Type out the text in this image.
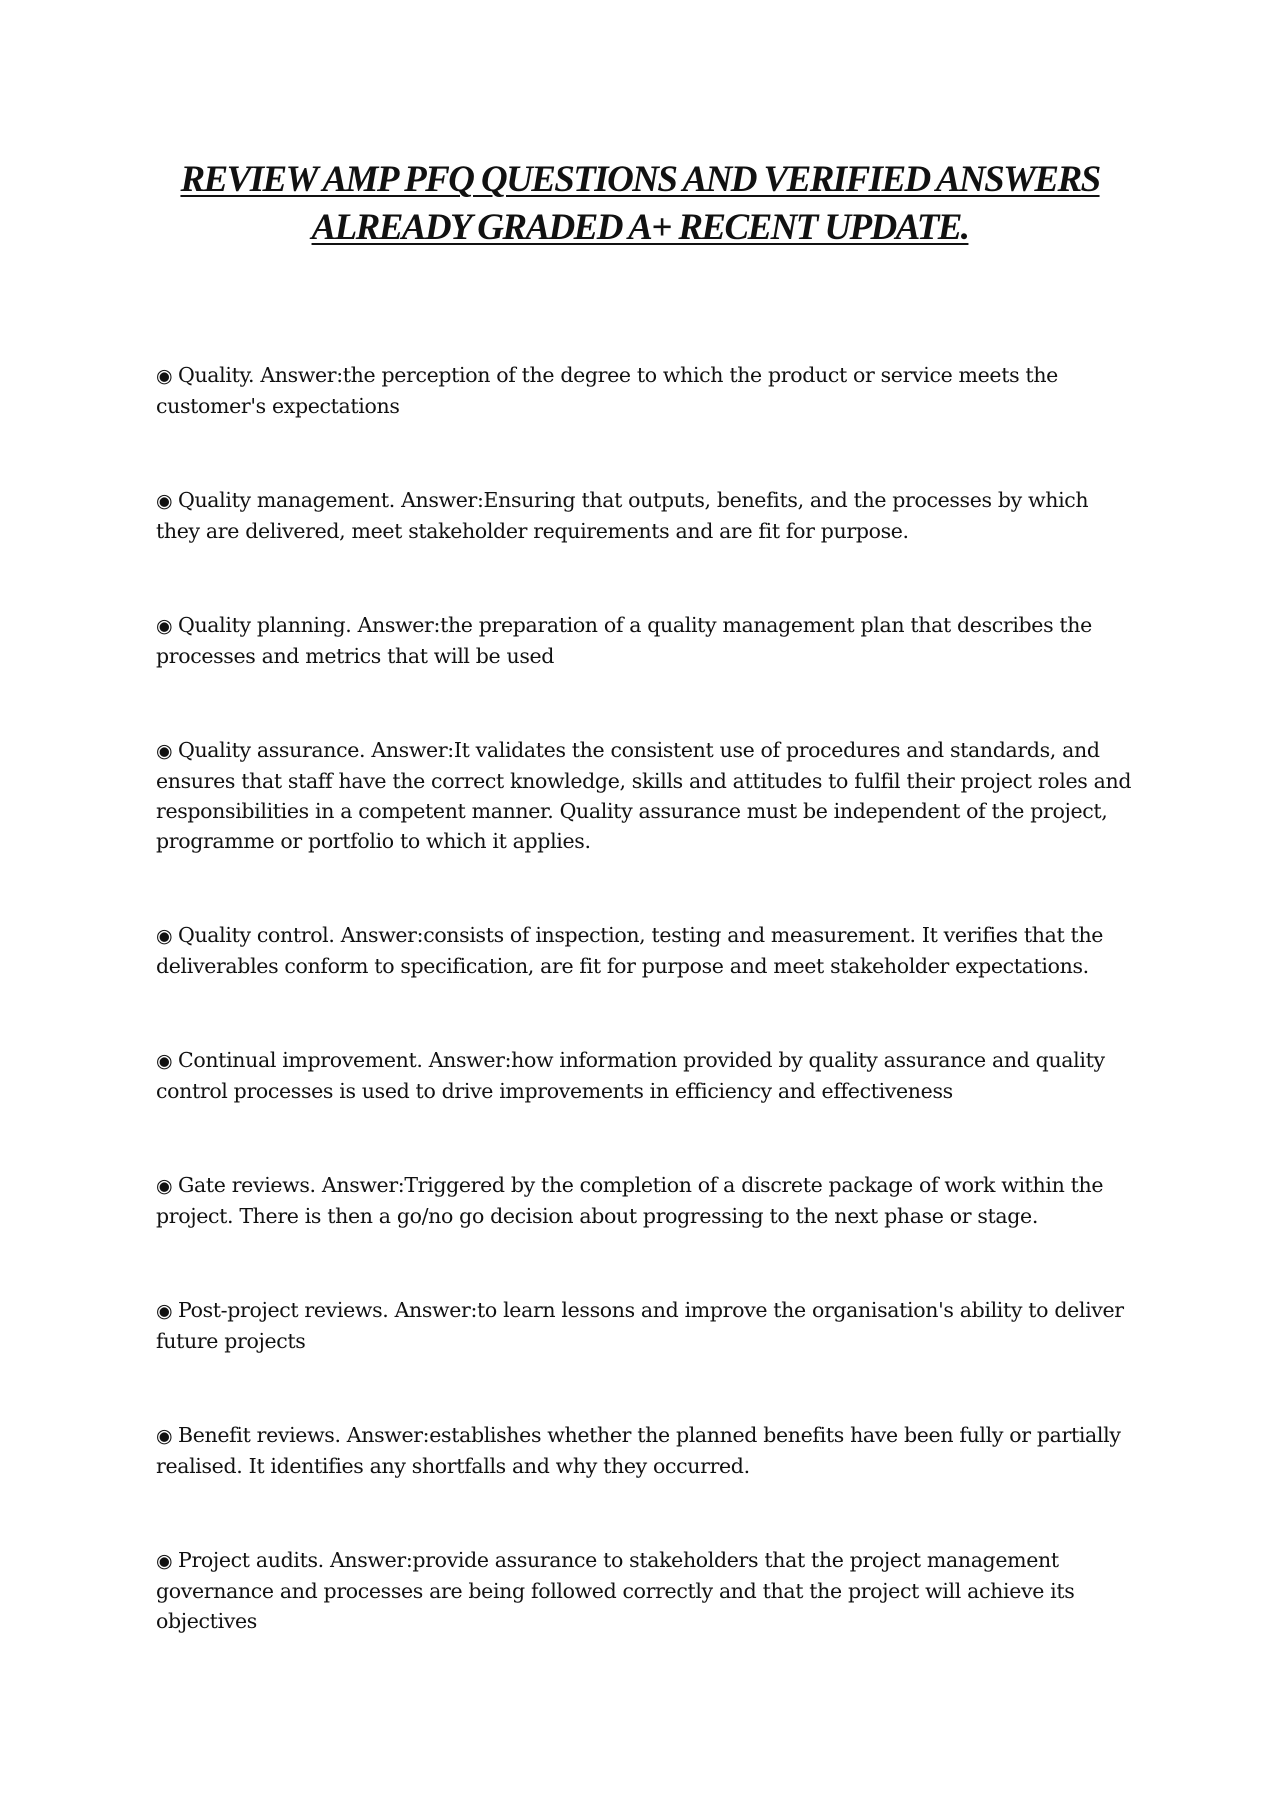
REVIEW AMP PFQ QUESTIONS AND VERIFIED ANSWERS
ALREADY GRADED A+ RECENT UPDATE.
◉ Quality. Answer:the perception of the degree to which the product or service meets the customer's expectations
◉ Quality management. Answer:Ensuring that outputs, benefits, and the processes by which they are delivered, meet stakeholder requirements and are fit for purpose.
◉ Quality planning. Answer:the preparation of a quality management plan that describes the processes and metrics that will be used
◉ Quality assurance. Answer:It validates the consistent use of procedures and standards, and ensures that staff have the correct knowledge, skills and attitudes to fulfil their project roles and responsibilities in a competent manner. Quality assurance must be independent of the project, programme or portfolio to which it applies.
◉ Quality control. Answer:consists of inspection, testing and measurement. It verifies that the deliverables conform to specification, are fit for purpose and meet stakeholder expectations.
◉ Continual improvement. Answer:how information provided by quality assurance and quality control processes is used to drive improvements in efficiency and effectiveness
◉ Gate reviews. Answer:Triggered by the completion of a discrete package of work within the project. There is then a go/no go decision about progressing to the next phase or stage.
◉ Post-project reviews. Answer:to learn lessons and improve the organisation's ability to deliver future projects
◉ Benefit reviews. Answer:establishes whether the planned benefits have been fully or partially realised. It identifies any shortfalls and why they occurred.
◉ Project audits. Answer:provide assurance to stakeholders that the project management governance and processes are being followed correctly and that the project will achieve its objectives
